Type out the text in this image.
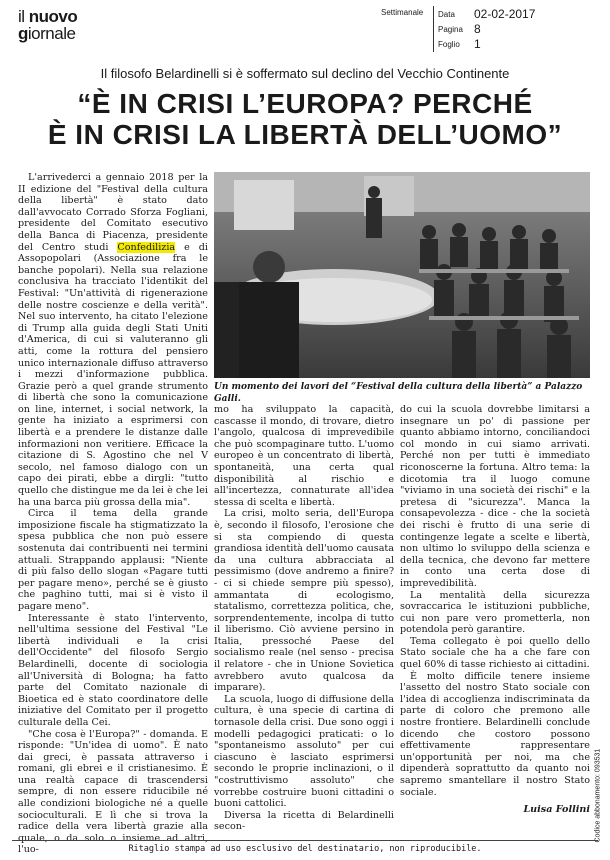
il nuovo
giornale
Settimanale Data 02-02-2017
Pagina 8
Foglio 1
Il filosofo Belardinelli si è soffermato sul declino del Vecchio Continente
“È IN CRISI L’EUROPA? PERCHÉ
È IN CRISI LA LIBERTÀ DELL’UOMO”

L'arrivederci a gennaio 2018 per la II edizione del "Festival della cultura della libertà" è stato dato dall'avvocato Corrado Sforza Fogliani, presidente del Comitato esecutivo della Banca di Piacenza, presidente del Centro studi Confedilizia e di Assopopolari (Associazione fra le banche popolari). Nella sua relazione conclusiva ha tracciato l'identikit del Festival: "Un'attività di rigenerazione delle nostre coscienze e della verità". Nel suo intervento, ha citato l'elezione di Trump alla guida degli Stati Uniti d'America, di cui si valuteranno gli atti, come la rottura del pensiero unico internazionale diffuso attraverso i mezzi d'informazione pubblica. Grazie però a quel grande strumento di libertà che sono la comunicazione on line, internet, i social network, la gente ha iniziato a esprimersi con libertà e a prendere le distanze dalle informazioni non veritiere. Efficace la citazione di S. Agostino che nel V secolo, nel famoso dialogo con un capo dei pirati, ebbe a dirgli: "tutto quello che distingue me da lei è che lei ha una barca più grossa della mia".

Circa il tema della grande imposizione fiscale ha stigmatizzato la spesa pubblica che non può essere sostenuta dai contribuenti nei termini attuali. Strappando applausi: "Niente di più falso dello slogan «Pagare tutti per pagare meno», perché se è giusto che paghino tutti, mai si è visto il pagare meno".

Interessante è stato l'intervento, nell'ultima sessione del Festival "Le libertà individuali e la crisi dell'Occidente" del filosofo Sergio Belardinelli, docente di sociologia all'Università di Bologna; ha fatto parte del Comitato nazionale di Bioetica ed è stato coordinatore delle iniziative del Comitato per il progetto culturale della Cei.

"Che cosa è l'Europa?" - domanda. E risponde: "Un'idea di uomo". È nato dai greci, è passata attraverso i romani, gli ebrei e il cristianesimo. È una realtà capace di trascendersi sempre, di non essere riducibile né alle condizioni biologiche né a quelle socioculturali. E lì che si trova la radice della vera libertà grazie alla quale, o da solo o insieme ad altri, l'uo-

Un momento dei lavori del “Festival della cultura della libertà” a Palazzo Galli.

mo ha sviluppato la capacità, cascasse il mondo, di trovare, dietro l'angolo, qualcosa di imprevedibile che può scompaginare tutto. L'uomo europeo è un concentrato di libertà, spontaneità, una certa qual disponibilità al rischio e all'incertezza, connaturate all'idea stessa di scelta e libertà.

La crisi, molto seria, dell'Europa è, secondo il filosofo, l'erosione che si sta compiendo di questa grandiosa identità dell'uomo causata da una cultura abbracciata al pessimismo (dove andremo a finire? - ci si chiede sempre più spesso), ammantata di ecologismo, statalismo, correttezza politica, che, sorprendentemente, incolpa di tutto il liberismo. Ciò avviene persino in Italia, pressoché Paese del socialismo reale (nel senso - precisa il relatore - che in Unione Sovietica avrebbero avuto qualcosa da imparare).

La scuola, luogo di diffusione della cultura, è una specie di cartina di tornasole della crisi. Due sono oggi i modelli pedagogici praticati: o lo "spontaneismo assoluto" per cui ciascuno è lasciato esprimersi secondo le proprie inclinazioni, o il "costruttivismo assoluto" che vorrebbe costruire buoni cittadini o buoni cattolici.

Diversa la ricetta di Belardinelli secon-

do cui la scuola dovrebbe limitarsi a insegnare un po' di passione per quanto abbiamo intorno, conciliandoci col mondo in cui siamo arrivati. Perché non per tutti è immediato riconoscerne la fortuna. Altro tema: la dicotomia tra il luogo comune "viviamo in una società dei rischi" e la pretesa di "sicurezza". Manca la consapevolezza - dice - che la società dei rischi è frutto di una serie di contingenze legate a scelte e libertà, non ultimo lo sviluppo della scienza e della tecnica, che devono far mettere in conto una certa dose di imprevedibilità.

La mentalità della sicurezza sovraccarica le istituzioni pubbliche, cui non pare vero prometterla, non potendola però garantire.

Tema collegato è poi quello dello Stato sociale che ha a che fare con quel 60% di tasse richiesto ai cittadini.

È molto difficile tenere insieme l'assetto del nostro Stato sociale con l'idea di accoglienza indiscriminata da parte di coloro che premono alle nostre frontiere. Belardinelli conclude dicendo che costoro possono effettivamente rappresentare un'opportunità per noi, ma che dipenderà soprattutto da quanto noi sapremo smantellare il nostro Stato sociale.

Luisa Follini Codice abbonamento: 093531
Ritaglio stampa ad uso esclusivo del destinatario, non riproducibile.
